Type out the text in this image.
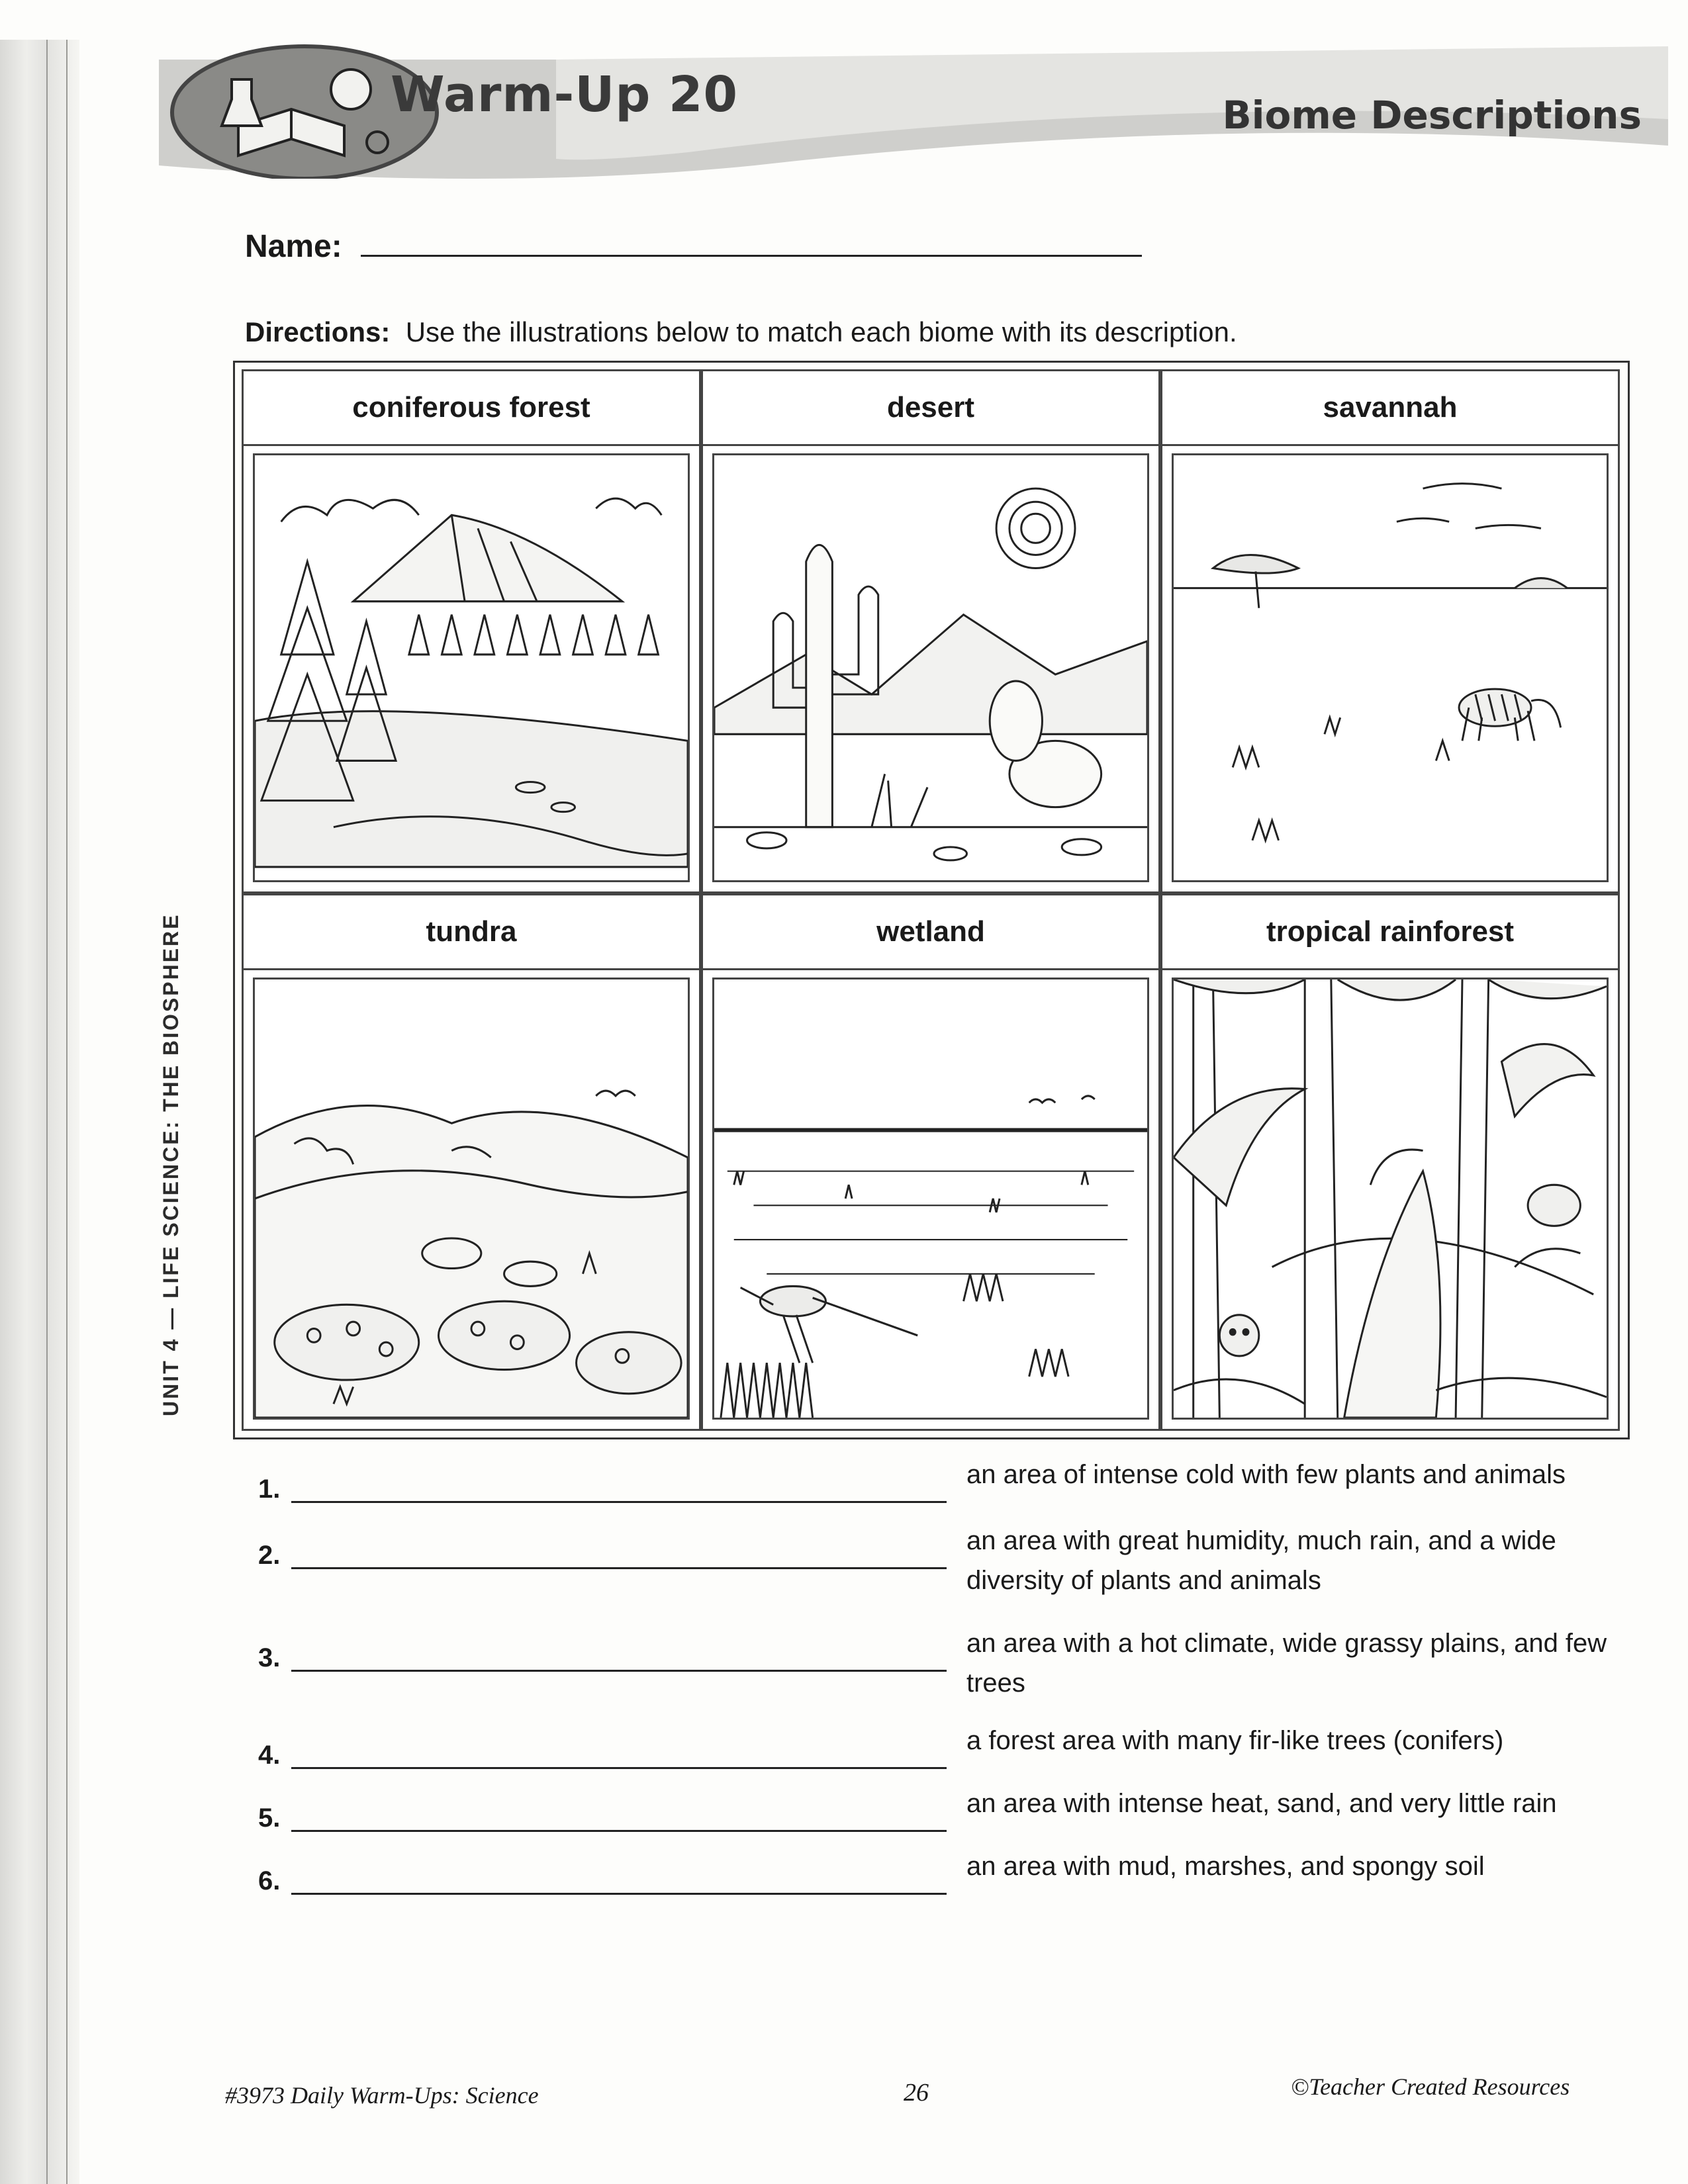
Warm-Up 20	Biome Descriptions
UNIT 4 — LIFE SCIENCE: THE BIOSPHERE
Name:
Directions: Use the illustrations below to match each biome with its description.
coniferous forest	desert	savannah
tundra	wetland	tropical rainforest
1.	an area of intense cold with few plants and animals
2.	an area with great humidity, much rain, and a wide diversity of plants and animals
3.	an area with a hot climate, wide grassy plains, and few trees
4.	a forest area with many fir-like trees (conifers)
5.	an area with intense heat, sand, and very little rain
6.	an area with mud, marshes, and spongy soil
#3973 Daily Warm-Ups: Science	26	©Teacher Created Resources
